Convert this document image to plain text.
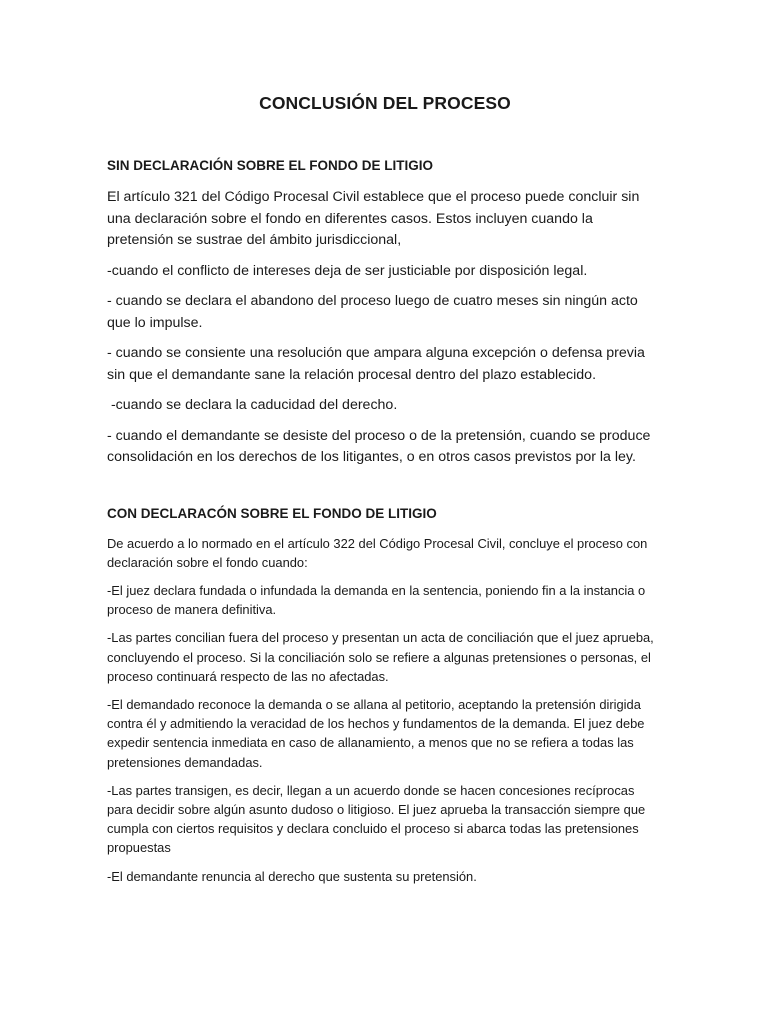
CONCLUSIÓN DEL PROCESO
SIN DECLARACIÓN SOBRE EL FONDO DE LITIGIO

El artículo 321 del Código Procesal Civil establece que el proceso puede concluir sin una declaración sobre el fondo en diferentes casos. Estos incluyen cuando la pretensión se sustrae del ámbito jurisdiccional,

-cuando el conflicto de intereses deja de ser justiciable por disposición legal.

- cuando se declara el abandono del proceso luego de cuatro meses sin ningún acto que lo impulse.

- cuando se consiente una resolución que ampara alguna excepción o defensa previa sin que el demandante sane la relación procesal dentro del plazo establecido.

-cuando se declara la caducidad del derecho.

- cuando el demandante se desiste del proceso o de la pretensión, cuando se produce consolidación en los derechos de los litigantes, o en otros casos previstos por la ley.

CON DECLARACÓN SOBRE EL FONDO DE LITIGIO

De acuerdo a lo normado en el artículo 322 del Código Procesal Civil, concluye el proceso con declaración sobre el fondo cuando:

-El juez declara fundada o infundada la demanda en la sentencia, poniendo fin a la instancia o proceso de manera definitiva.

-Las partes concilian fuera del proceso y presentan un acta de conciliación que el juez aprueba, concluyendo el proceso. Si la conciliación solo se refiere a algunas pretensiones o personas, el proceso continuará respecto de las no afectadas.

-El demandado reconoce la demanda o se allana al petitorio, aceptando la pretensión dirigida contra él y admitiendo la veracidad de los hechos y fundamentos de la demanda. El juez debe expedir sentencia inmediata en caso de allanamiento, a menos que no se refiera a todas las pretensiones demandadas.

-Las partes transigen, es decir, llegan a un acuerdo donde se hacen concesiones recíprocas para decidir sobre algún asunto dudoso o litigioso. El juez aprueba la transacción siempre que cumpla con ciertos requisitos y declara concluido el proceso si abarca todas las pretensiones propuestas

-El demandante renuncia al derecho que sustenta su pretensión.
